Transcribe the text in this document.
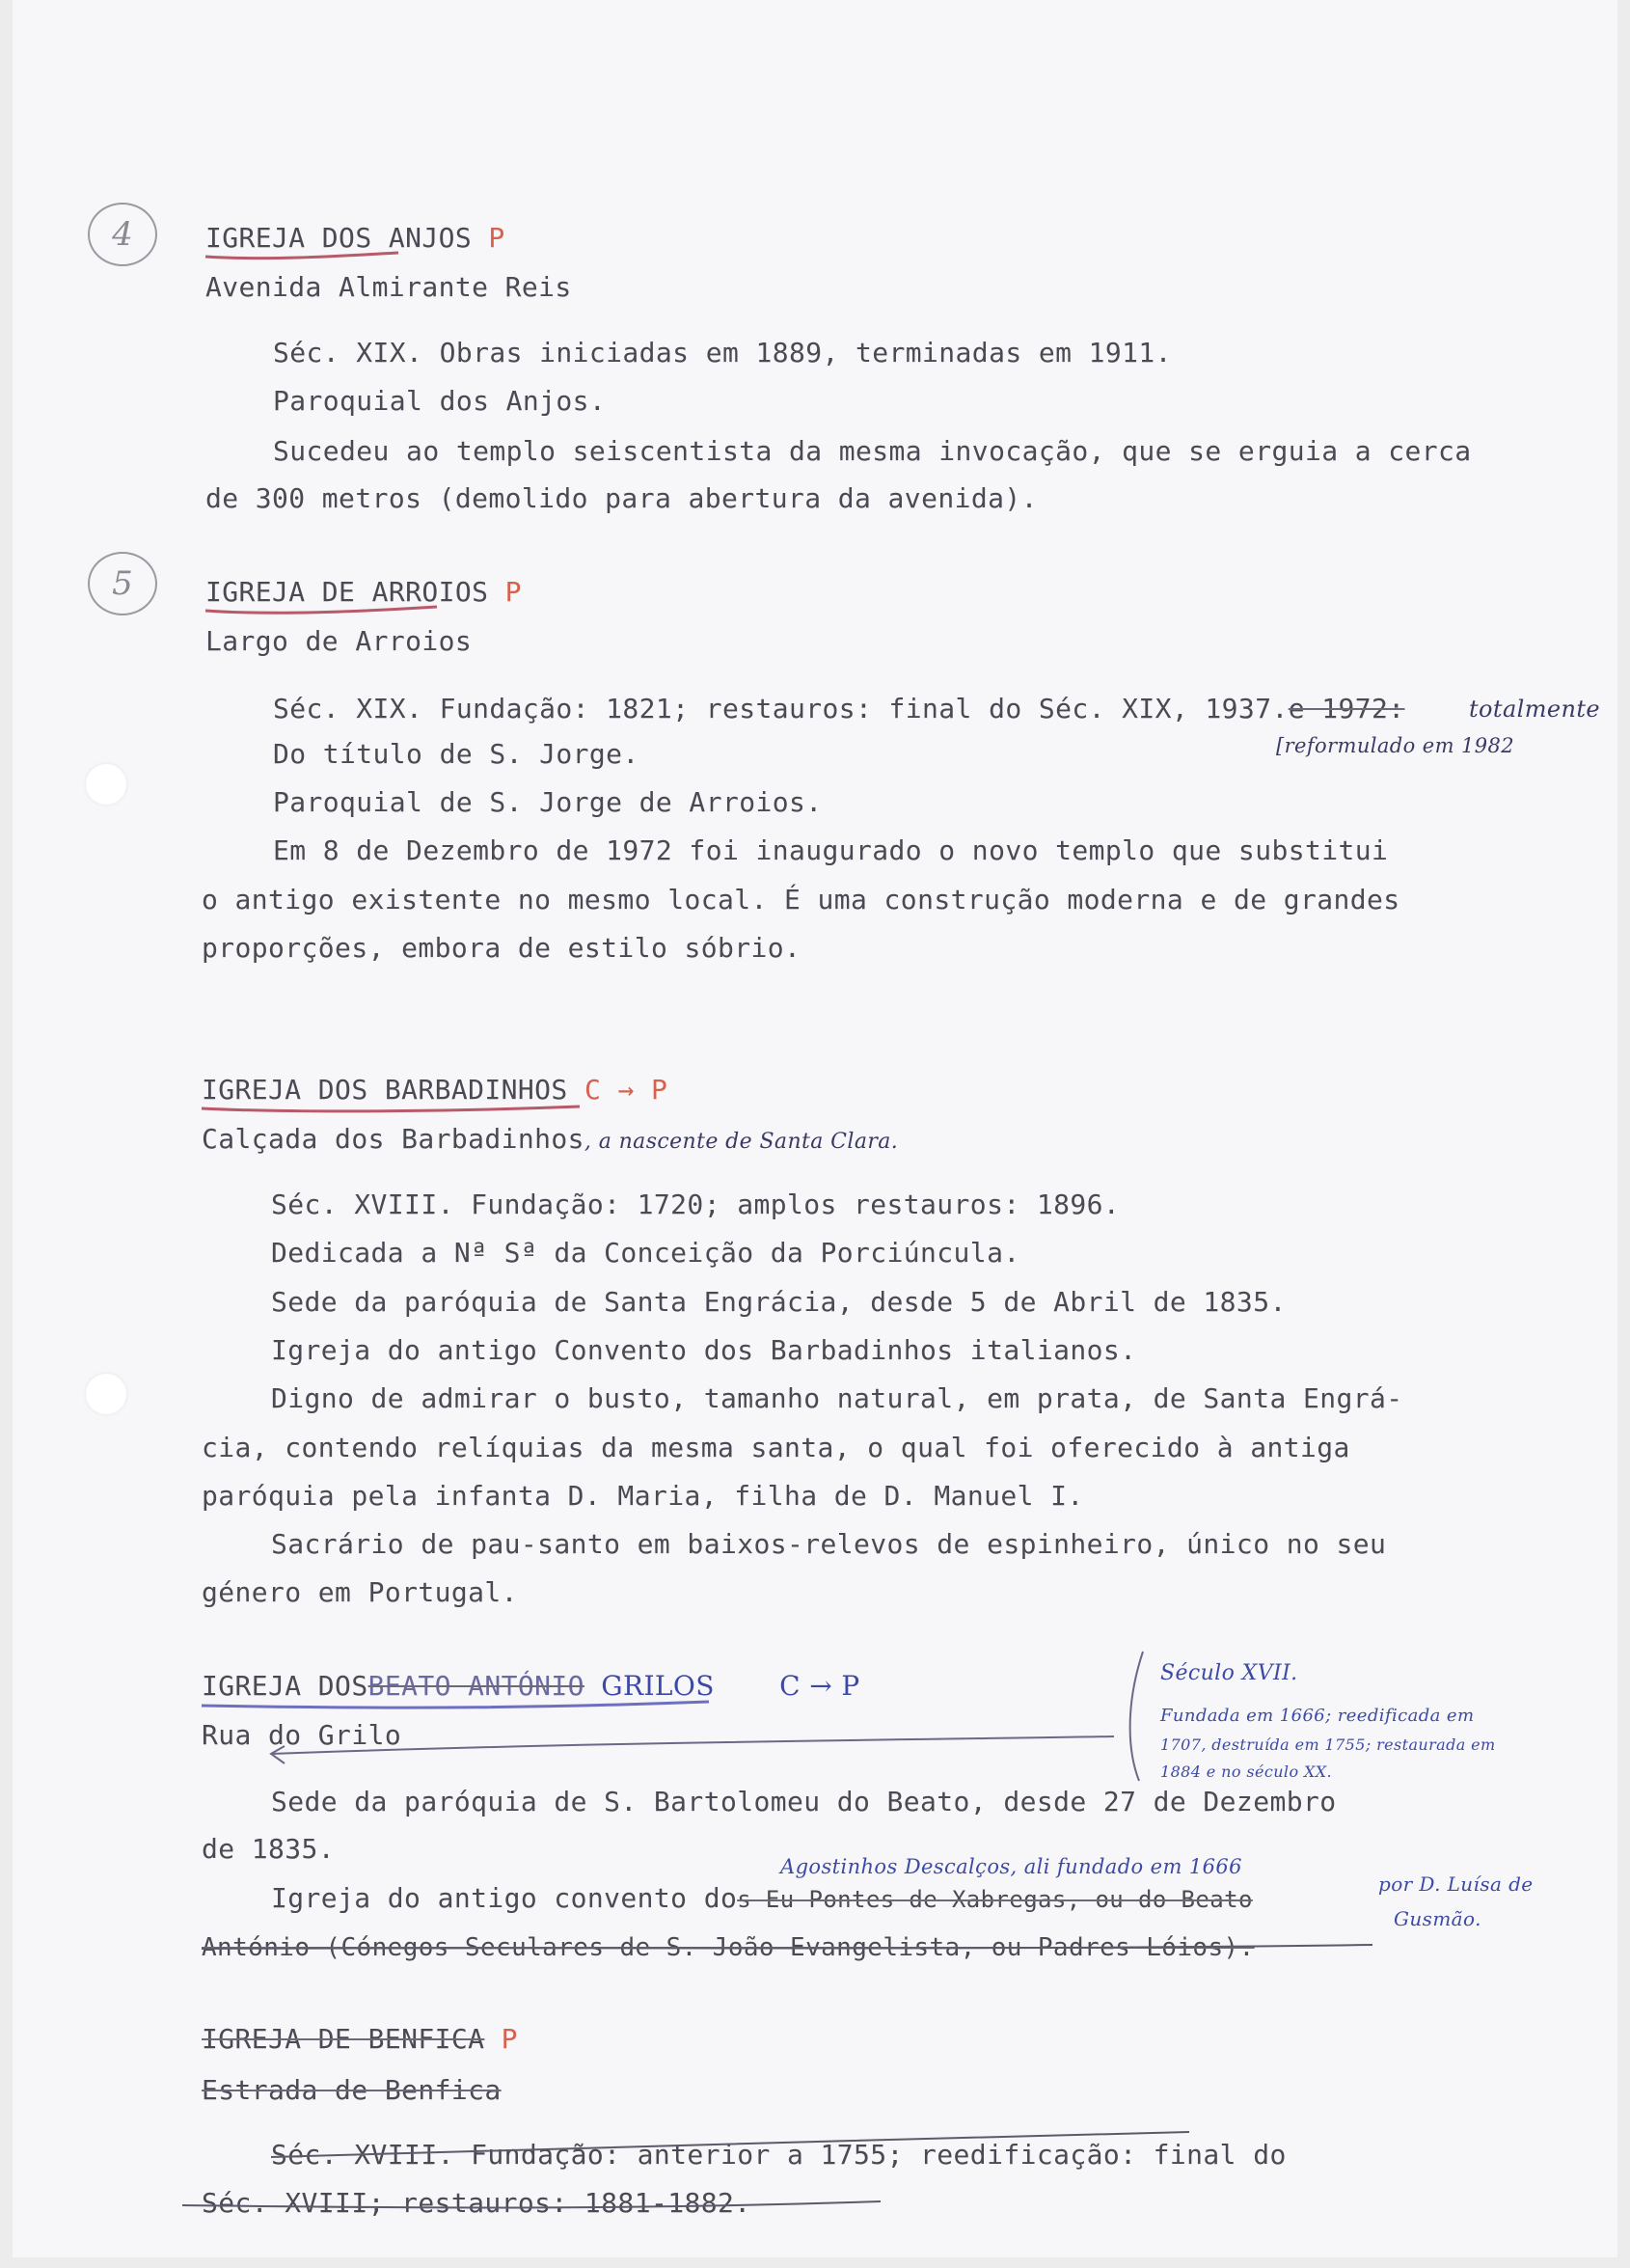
4	IGREJA DOS ANJOS P
Avenida Almirante Reis
Séc. XIX. Obras iniciadas em 1889, terminadas em 1911.
Paroquial dos Anjos.
Sucedeu ao templo seiscentista da mesma invocação, que se erguia a cerca
de 300 metros (demolido para abertura da avenida).
5	IGREJA DE ARROIOS P
Largo de Arroios
Séc. XIX. Fundação: 1821; restauros: final do Séc. XIX, 1937.e 1972:	totalmente
[reformulado em 1982
Do título de S. Jorge.
Paroquial de S. Jorge de Arroios.
Em 8 de Dezembro de 1972 foi inaugurado o novo templo que substitui
o antigo existente no mesmo local. É uma construção moderna e de grandes
proporções, embora de estilo sóbrio.
IGREJA DOS BARBADINHOS C → P
Calçada dos Barbadinhos, a nascente de Santa Clara.
Séc. XVIII. Fundação: 1720; amplos restauros: 1896.
Dedicada a Nª Sª da Conceição da Porciúncula.
Sede da paróquia de Santa Engrácia, desde 5 de Abril de 1835.
Igreja do antigo Convento dos Barbadinhos italianos.
Digno de admirar o busto, tamanho natural, em prata, de Santa Engrá-
cia, contendo relíquias da mesma santa, o qual foi oferecido à antiga
paróquia pela infanta D. Maria, filha de D. Manuel I.
Sacrário de pau-santo em baixos-relevos de espinheiro, único no seu
género em Portugal.
IGREJA DOSBEATO ANTÓNIO GRILOS C → P
Rua do Grilo
Século XVII.
Fundada em 1666; reedificada em
1707, destruída em 1755; restaurada em
1884 e no século XX.
Sede da paróquia de S. Bartolomeu do Beato, desde 27 de Dezembro
de 1835.
Agostinhos Descalços, ali fundado em 1666
por D. Luísa de
Gusmão.
Igreja do antigo convento dos Eu Pontes de Xabregas, ou do Beato
António (Cónegos Seculares de S. João Evangelista, ou Padres Lóios).
IGREJA DE BENFICA P
Estrada de Benfica
Séc. XVIII. Fundação: anterior a 1755; reedificação: final do
Séc. XVIII; restauros: 1881-1882.
